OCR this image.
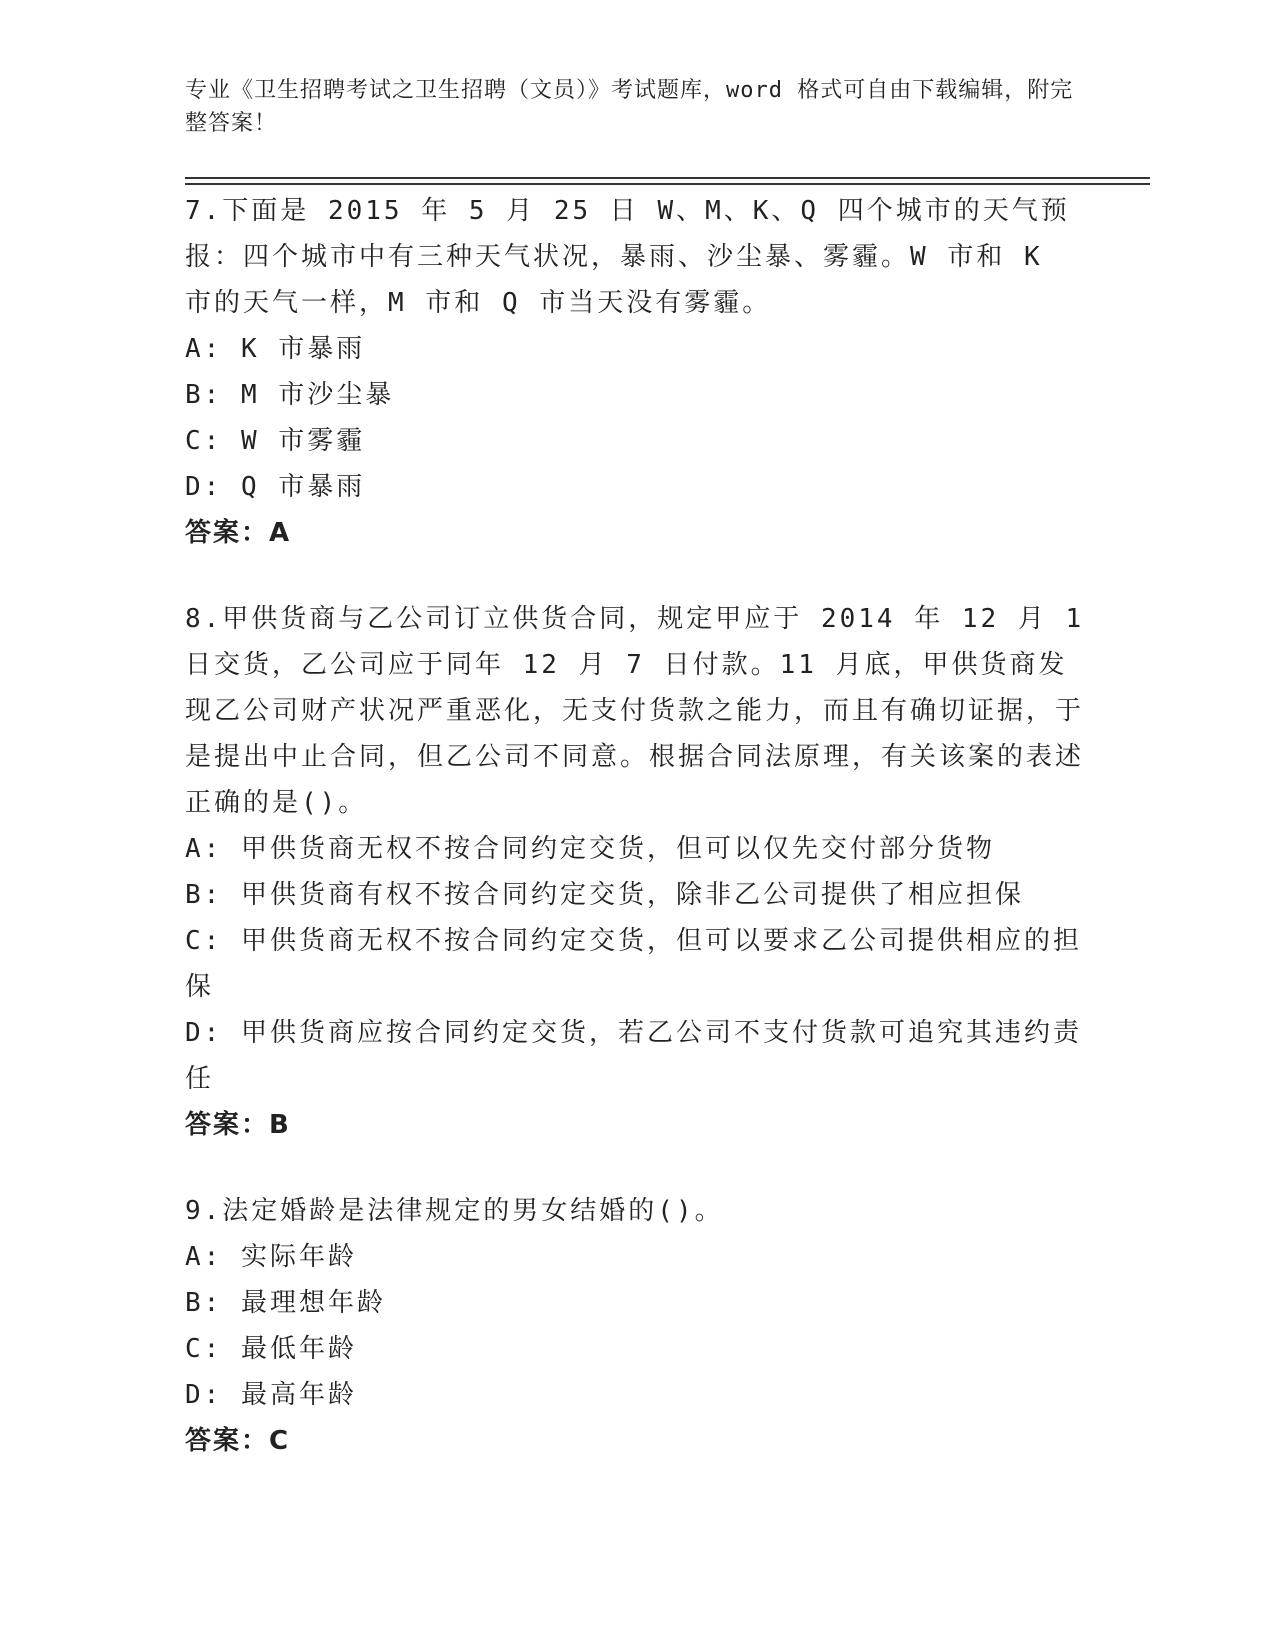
专业《卫生招聘考试之卫生招聘（文员）》考试题库，word 格式可自由下载编辑，附完整答案！
7.下面是 2015 年 5 月 25 日 W、M、K、Q 四个城市的天气预报：四个城市中有三种天气状况，暴雨、沙尘暴、雾霾。W 市和 K 市的天气一样，M 市和 Q 市当天没有雾霾。
A: K 市暴雨
B: M 市沙尘暴
C: W 市雾霾
D: Q 市暴雨
答案：A
8.甲供货商与乙公司订立供货合同，规定甲应于 2014 年 12 月 1 日交货，乙公司应于同年 12 月 7 日付款。11 月底，甲供货商发现乙公司财产状况严重恶化，无支付货款之能力，而且有确切证据，于是提出中止合同，但乙公司不同意。根据合同法原理，有关该案的表述正确的是()。
A: 甲供货商无权不按合同约定交货，但可以仅先交付部分货物
B: 甲供货商有权不按合同约定交货，除非乙公司提供了相应担保
C: 甲供货商无权不按合同约定交货，但可以要求乙公司提供相应的担保
D: 甲供货商应按合同约定交货，若乙公司不支付货款可追究其违约责任
答案：B
9.法定婚龄是法律规定的男女结婚的()。
A: 实际年龄
B: 最理想年龄
C: 最低年龄
D: 最高年龄
答案：C
